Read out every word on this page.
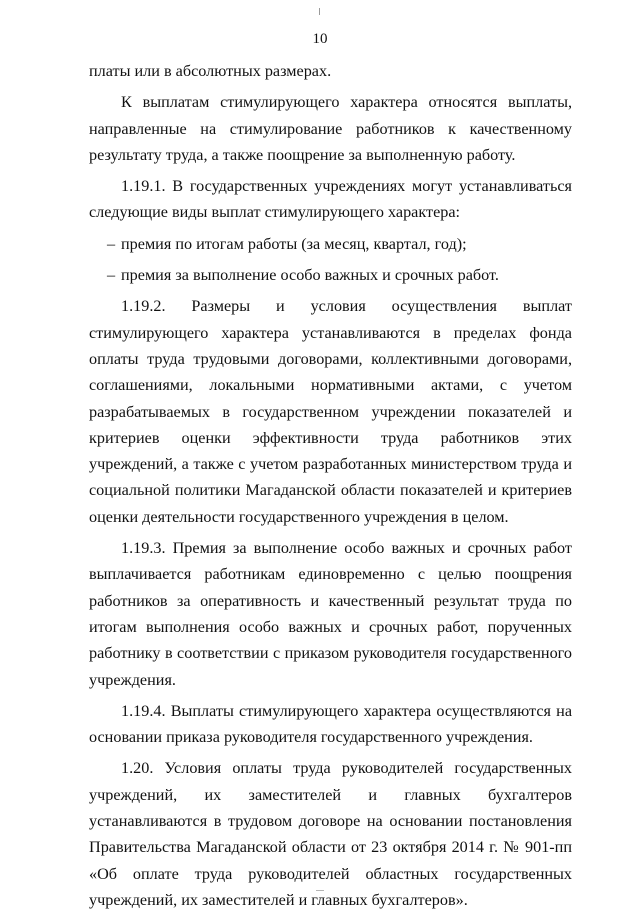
10

платы или в абсолютных размерах.

К выплатам стимулирующего характера относятся выплаты, направленные на стимулирование работников к качественному результату труда, а также поощрение за выполненную работу.

1.19.1. В государственных учреждениях могут устанавливаться следующие виды выплат стимулирующего характера:

– премия по итогам работы (за месяц, квартал, год);
– премия за выполнение особо важных и срочных работ.

1.19.2. Размеры и условия осуществления выплат стимулирующего характера устанавливаются в пределах фонда оплаты труда трудовыми договорами, коллективными договорами, соглашениями, локальными нормативными актами, с учетом разрабатываемых в государственном учреждении показателей и критериев оценки эффективности труда работников этих учреждений, а также с учетом разработанных министерством труда и социальной политики Магаданской области показателей и критериев оценки деятельности государственного учреждения в целом.

1.19.3. Премия за выполнение особо важных и срочных работ выплачивается работникам единовременно с целью поощрения работников за оперативность и качественный результат труда по итогам выполнения особо важных и срочных работ, порученных работнику в соответствии с приказом руководителя государственного учреждения.

1.19.4. Выплаты стимулирующего характера осуществляются на основании приказа руководителя государственного учреждения.

1.20. Условия оплаты труда руководителей государственных учреждений, их заместителей и главных бухгалтеров устанавливаются в трудовом договоре на основании постановления Правительства Магаданской области от 23 октября 2014 г. № 901-пп «Об оплате труда руководителей областных государственных учреждений, их заместителей и главных бухгалтеров».
